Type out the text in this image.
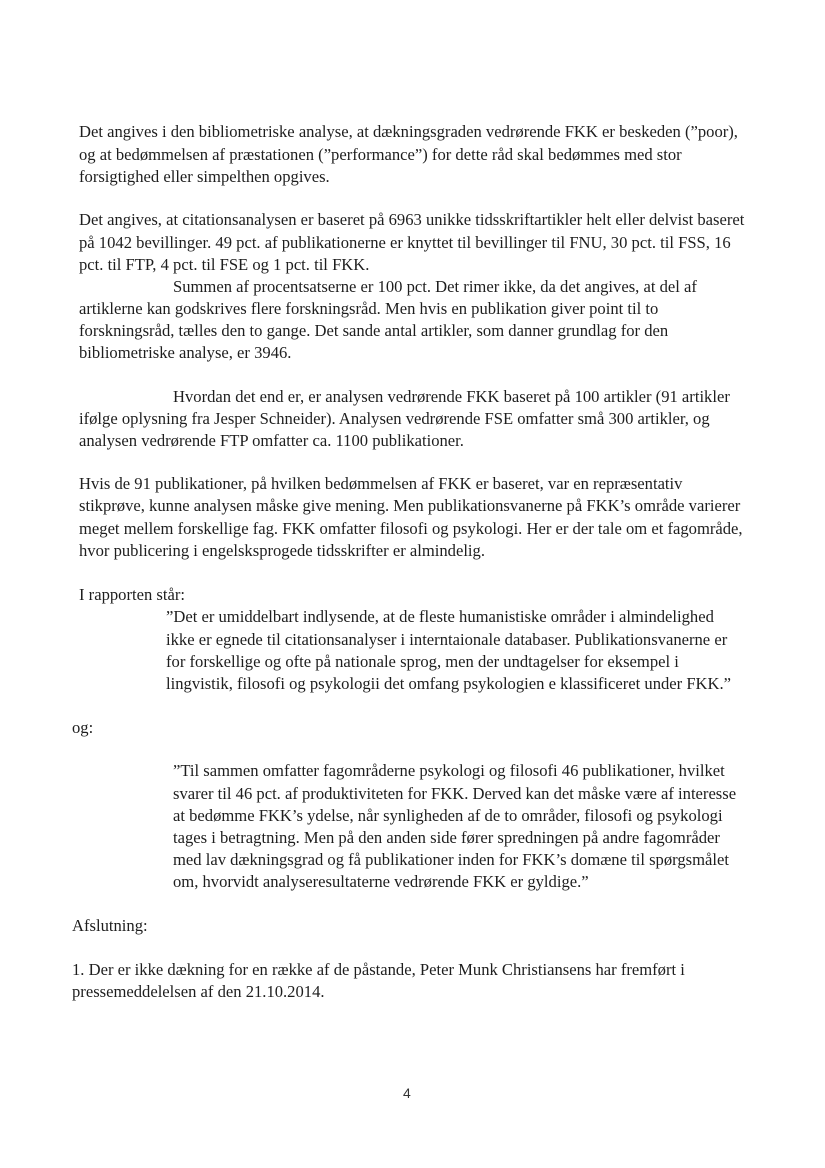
Det angives i den bibliometriske analyse, at dækningsgraden vedrørende FKK er beskeden (”poor),
og at bedømmelsen af præstationen (”performance”) for dette råd skal bedømmes med stor
forsigtighed eller simpelthen opgives.
Det angives, at citationsanalysen er baseret på 6963 unikke tidsskriftartikler helt eller delvist baseret
på 1042 bevillinger. 49 pct. af publikationerne er knyttet til bevillinger til FNU, 30 pct. til FSS, 16
pct. til FTP, 4 pct. til FSE og 1 pct. til FKK.
Summen af procentsatserne er 100 pct. Det rimer ikke, da det angives, at del af
artiklerne kan godskrives flere forskningsråd. Men hvis en publikation giver point til to
forskningsråd, tælles den to gange. Det sande antal artikler, som danner grundlag for den
bibliometriske analyse, er 3946.
Hvordan det end er, er analysen vedrørende FKK baseret på 100 artikler (91 artikler
ifølge oplysning fra Jesper Schneider). Analysen vedrørende FSE omfatter små 300 artikler, og
analysen vedrørende FTP omfatter ca. 1100 publikationer.
Hvis de 91 publikationer, på hvilken bedømmelsen af FKK er baseret, var en repræsentativ
stikprøve, kunne analysen måske give mening. Men publikationsvanerne på FKK’s område varierer
meget mellem forskellige fag. FKK omfatter filosofi og psykologi. Her er der tale om et fagområde,
hvor publicering i engelsksprogede tidsskrifter er almindelig.
I rapporten står:
”Det er umiddelbart indlysende, at de fleste humanistiske områder i almindelighed
ikke er egnede til citationsanalyser i interntaionale databaser. Publikationsvanerne er
for forskellige og ofte på nationale sprog, men der undtagelser for eksempel i
lingvistik, filosofi og psykologii det omfang psykologien e klassificeret under FKK.”
og:
”Til sammen omfatter fagområderne psykologi og filosofi 46 publikationer, hvilket
svarer til 46 pct. af produktiviteten for FKK. Derved kan det måske være af interesse
at bedømme FKK’s ydelse, når synligheden af de to områder, filosofi og psykologi
tages i betragtning. Men på den anden side fører spredningen på andre fagområder
med lav dækningsgrad og få publikationer inden for FKK’s domæne til spørgsmålet
om, hvorvidt analyseresultaterne vedrørende FKK er gyldige.”
Afslutning:
1. Der er ikke dækning for en række af de påstande, Peter Munk Christiansens har fremført i
pressemeddelelsen af den 21.10.2014.
4
